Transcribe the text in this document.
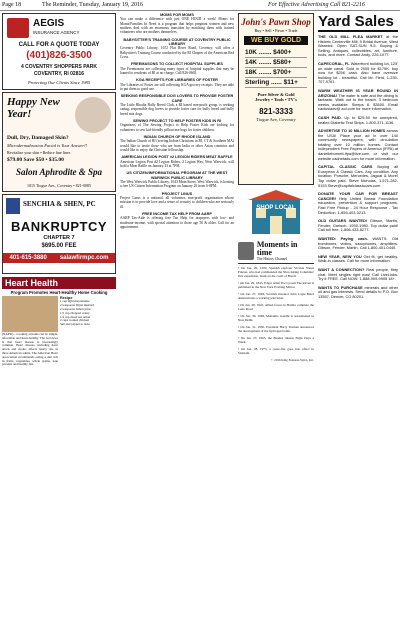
Page 18	The Reminder, Tuesday, January 19, 2016	For Effective Advertising Call 821-2216
AEGIS
INSURANCE AGENCY
CALL FOR A QUOTE TODAY
(401)826-3500
4 COVENTRY SHOPPERS PARK
COVENTRY, RI 02816
Protecting Our Clients Since 1985
Happy New Year!
Dull, Dry, Damaged Skin?
Microdermabrasion Facial is Your Answer!!
Revitalize your skin • Reduce fine lines
$79.00 Save $50 • $35.00
Salon Aphrodite & Spa
1015 Tiogue Ave., Coventry • 821-0085
SENCHIA & SHEN, PC
BANKRUPTCY
CHAPTER 7
$695.00 FEE
401-615-3880 salawfirmpc.com
Heart Health
Program Promotes Heart-Healthy Home Cooking
(NAPSI)—Cooking at home can be simple, affordable and heart-healthy. The bad news is that heart disease is increasingly common. Heart disease, including heart attack and stroke, affects nearly one in three American adults. The American Heart Association recommends eating a diet rich in fruits, vegetables, whole grains, lean proteins and healthy fats.
Recipe
1 cup light mayonnaise
2 teaspoons Dijon mustard
2 teaspoons lemon juice
1/2 cup chopped celery
1/4 cup diced red onion
2 cups cooked chicken
Salt and pepper to taste
MOMS FOR MOMS
You can make a difference with just ONE HOUR a week! Moms for Moms/Families In Need is a program that helps pregnant women and new mothers deal with an enormous transition by matching them with trained volunteers who are mothers themselves.
BABYSITTER'S TRAINING COURSE AT COVENTRY PUBLIC LIBRARY
Coventry Public Library, 1672 Flat River Road, Coventry, will offer a Babysitter's Training Course conducted by the RI Chapter of the American Red Cross.
FREEMASONS TO COLLECT HOSPITAL SUPPLIES
The Freemasons are collecting many types of hospital supplies that may be loaned to residents of RI at no charge. Call 826-0665.
KGA RECEIPTS FOR LIBRARIES OF FOSTER
The Libraries of Foster are still collecting KGA grocery receipts. They are able to put them to good use.
SEEKING RESPONSIBLE DOG LOVERS TO PROVIDE FOSTER CARE
The Little Rhodie Bully Breed Club, a RI based non-profit group, is seeking caring, responsible dog lovers to provide foster care for bully breed and bully breed mix dogs.
SEWING PROJECT TO HELP FOSTER KIDS IN RI
Organizers of The Sewing Project to Help Foster Kids are looking for volunteers to sew kid-friendly pillowcase bags for foster children.
INDIAN CHURCH OF RHODE ISLAND
The Indian Church of RI (serving Indian Christians in RI, CT & Southern MA) would like to invite those who are from India or other Asian countries and would like to enjoy the Christian fellowship.
AMERICAN LEGION POST #2 LEGION RIDERS MEAT RAFFLE
American Legion Post #2 Legion Riders, 2 Legion Way, West Warwick, will hold a Meat Raffle on January 23 at 7PM.
US CITIZEN/INFORMATIONAL PROGRAM AT THE WEST WARWICK PUBLIC LIBRARY
The West Warwick Public Library, 1043 Main Street, West Warwick, is hosting a free US Citizen Information Program on January 26 from 6-8PM.
PROJECT LINUS
Project Linus is a national, all volunteer, non-profit organization whose mission is to provide love and a sense of security to children who are seriously ill.
FREE INCOME TAX HELP FROM AARP
AARP Tax-Aide is offering free Tax Help for taxpayers with low- and moderate-income, with special attention to those age 50 & older. Call for an appointment.
John's Pawn Shop
Buy • Sell • Pawn • Trade
WE BUY GOLD
10K ....... $400+
14K ....... $580+
18K ....... $700+
Sterling ...... $11+
Pure Silver & Gold
Jewelry • Tools • TV's
821-3333
Tiogue Ave, Coventry
SHOP LOCAL
Moments in time
The History Channel
• On Jan. 26, 1500, Spanish explorer Vicente Yanez Pinzon, who had commanded the Nina during Columbus' first expedition, lands on the coast of Brazil.
• On Jan. 29, 1845, Edgar Allan Poe's poem The Raven is published in the New York Evening Mirror.
• On Jan. 27, 1926, Scottish inventor John Logie Baird demonstrates a working television.
• On Jan. 28, 1945, Allied forces in Burma complete the Ledo Road.
• On Jan. 30, 1948, Mahatma Gandhi is assassinated in New Delhi.
• On Jan. 31, 1950, President Harry Truman announces the development of the hydrogen bomb.
• On Jan. 27, 1965, the Beatles release Eight Days a Week.
• On Jan. 28, 1973, a cease-fire goes into effect in Vietnam.
© 2016 King Features Synd., Inc.
Yard Sales
THE OLD MILL FLEA MARKET at the Historic Centerville Mill, 5 Bridal Avenue, West Warwick. Open SAT-SUN 9-5. Buying & Selling. Antiques, collectibles, art, furniture, tools, and more. Contact Andy, 226-1077.
CAPECORAL, FL Waterfront building lot, 125' on wide canal. Sold in 2005 for $179K, buy now for $25K cash. Also have oversize building lot - beautiful. Call Mr. Field, 1-239-707-9761.
WARM WEATHER IS YEAR ROUND IN ARIZONA! The water is safe and the dining is fantastic. Walk out to the beach. 3 bedroom weeks available. Sleeps 8. $3500. Email cactusladv@ aol.com for more information.
CASH PAID. Up to $25-50 for unexpired, sealed Diabetic Test Strips. 1-800-371-1136.
ADVERTISE TO 10 MILLION HOMES across the USA! Place your ad in over 140 community newspapers, with circulation totaling over 10 million homes. Contact Independent Free Papers of America (IFPA) at danielleburnett-ifpa@live.com or visit our website cadnetads.com for more information.
CAPITAL CLASSIC CARS Buying all European & Classic Cars. Any condition. Any location. Porsche, Mercedes, Jaguar & More! Top dollar paid. Steve Nicholas, 1-571-282-5153 Steve@capitalclassiccars.com
DONATE YOUR CAR FOR BREAST CANCER! Help United Breast Foundation education, prevention & support programs. Fast Free Pickup - 24 Hour Response - Tax Deduction. 1-855-403-0213.
OLD GUITARS WANTED! Gibson, Martin, Fender, Gretsch. 1930-1980. Top dollar paid! Call toll free, 1-866-433-8277.
WANTED: Paying cash. WANTS: Old trombones, violins, saxophones, amplifiers. Gibson, Fender, Martin. Call 1-800-401-0440.
NEW YEAR, NEW YOU Get fit, get healthy. Walk-in classes. Call for more information.
WANT A CONNECTION? Real people, flirty chat. Meet singles right now! Call LiveLinks. Try it FREE. Call NOW: 1-888-909-9905 18+.
WANTS TO PURCHASE minerals and other oil and gas interests. Send details to P.O. Box 13557, Denver, CO 80201.
